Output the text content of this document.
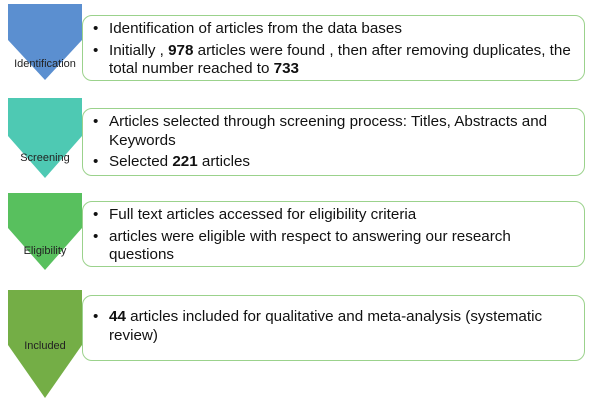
Identification
Screening
Eligibility
Included
• Identification of articles from the data bases
• Initially , 978 articles were found , then after removing duplicates, the total number reached to 733
• Articles selected through screening process: Titles, Abstracts and Keywords
• Selected 221 articles
• Full text articles accessed for eligibility criteria
• articles were eligible with respect to answering our research questions
• 44 articles included for qualitative and meta-analysis (systematic review)
